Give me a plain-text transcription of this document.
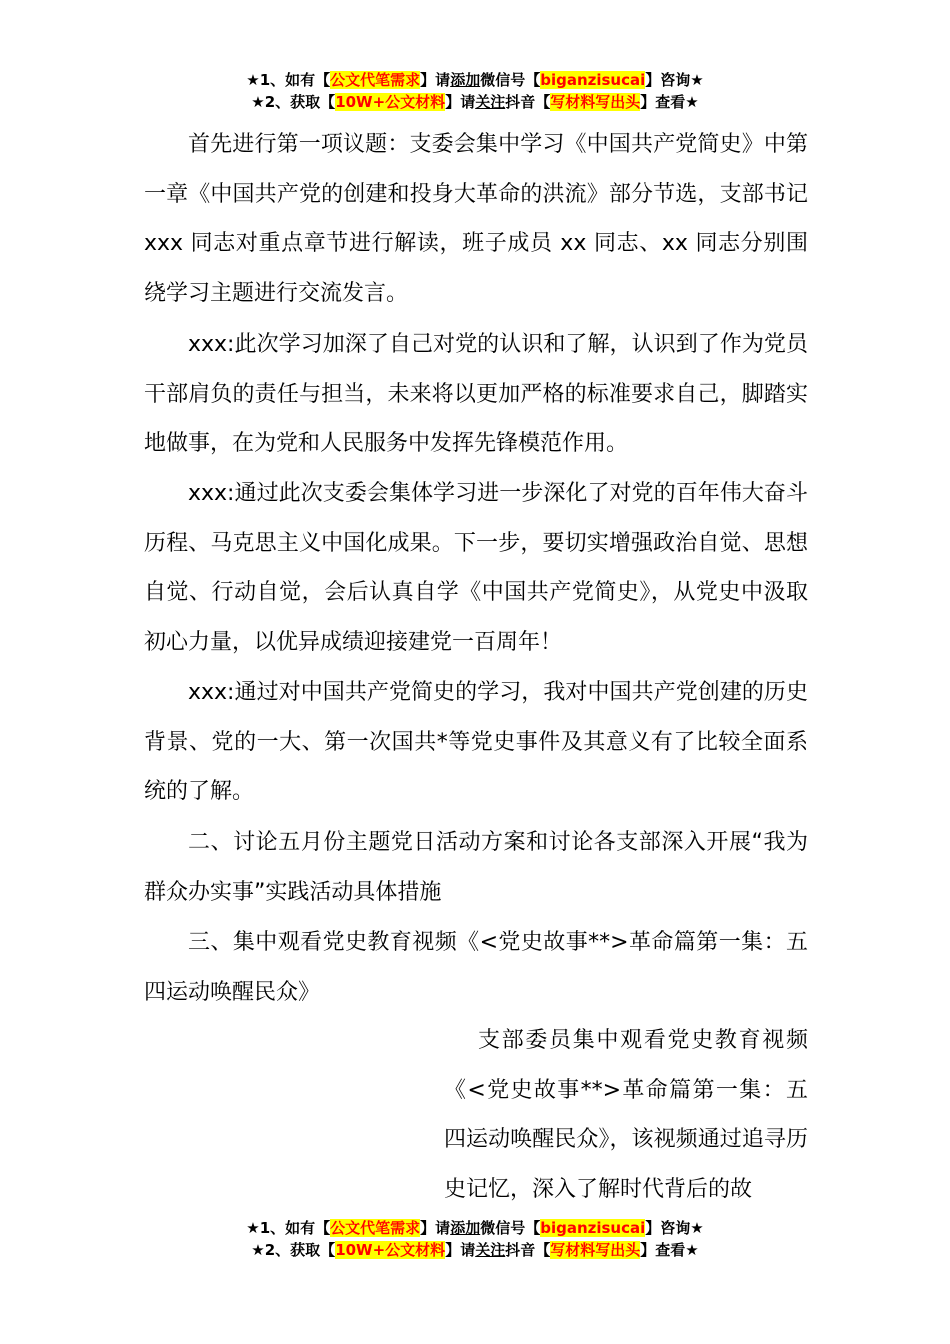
★1、如有【公文代笔需求】请添加微信号【biganzisucai】咨询★
★2、获取【10W+公文材料】请关注抖音【写材料写出头】查看★

首先进行第一项议题：支委会集中学习《中国共产党简史》中第一章《中国共产党的创建和投身大革命的洪流》部分节选，支部书记 xxx 同志对重点章节进行解读，班子成员 xx 同志、xx 同志分别围绕学习主题进行交流发言。

xxx:此次学习加深了自己对党的认识和了解，认识到了作为党员干部肩负的责任与担当，未来将以更加严格的标准要求自己，脚踏实地做事，在为党和人民服务中发挥先锋模范作用。

xxx:通过此次支委会集体学习进一步深化了对党的百年伟大奋斗历程、马克思主义中国化成果。下一步，要切实增强政治自觉、思想自觉、行动自觉，会后认真自学《中国共产党简史》，从党史中汲取初心力量，以优异成绩迎接建党一百周年！

xxx:通过对中国共产党简史的学习，我对中国共产党创建的历史背景、党的一大、第一次国共*等党史事件及其意义有了比较全面系统的了解。

二、讨论五月份主题党日活动方案和讨论各支部深入开展“我为群众办实事”实践活动具体措施

三、集中观看党史教育视频《<党史故事**>革命篇第一集：五四运动唤醒民众》

支部委员集中观看党史教育视频《<党史故事**>革命篇第一集：五四运动唤醒民众》，该视频通过追寻历史记忆，深入了解时代背后的故

★1、如有【公文代笔需求】请添加微信号【biganzisucai】咨询★
★2、获取【10W+公文材料】请关注抖音【写材料写出头】查看★
